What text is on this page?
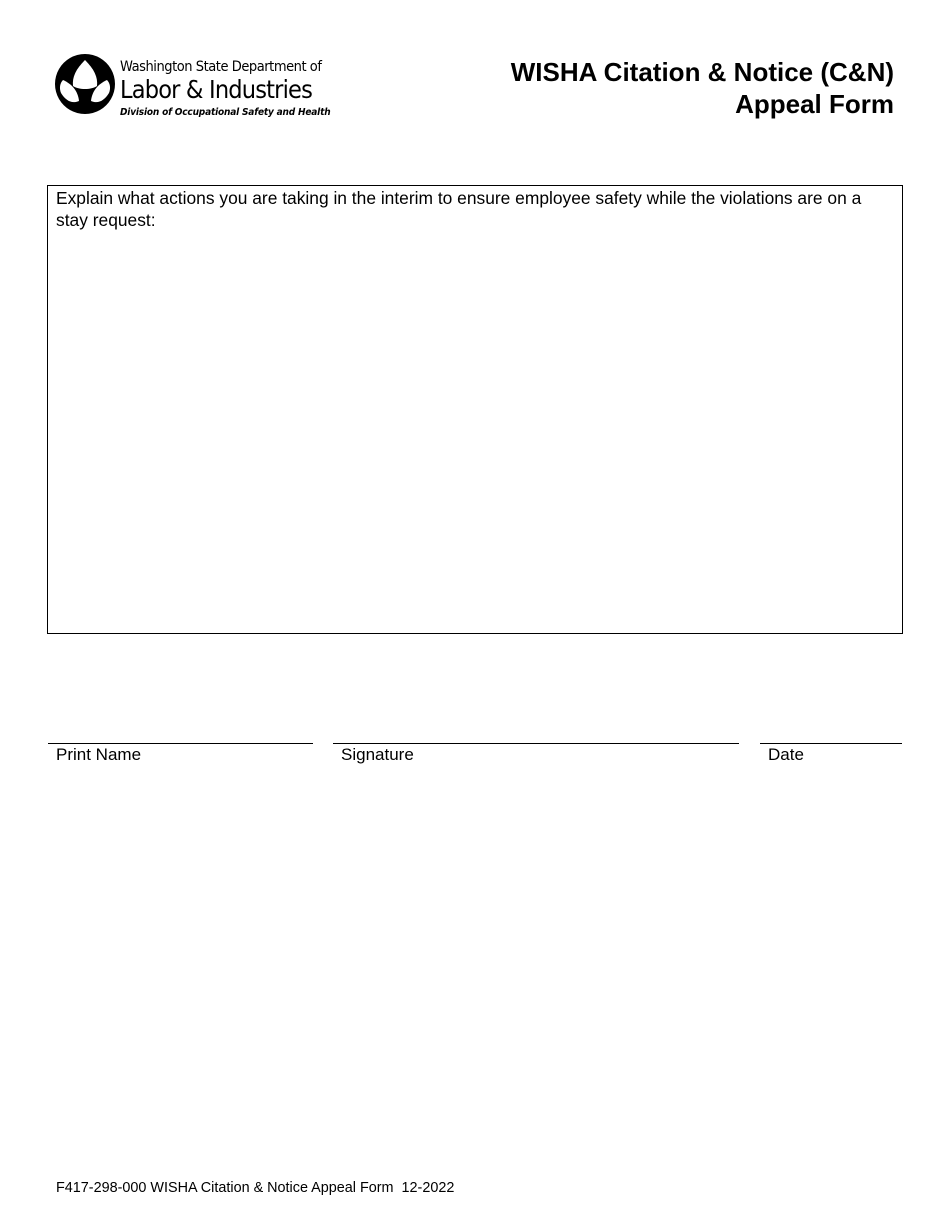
Washington State Department of
Labor & Industries
Division of Occupational Safety and Health
WISHA Citation & Notice (C&N)
Appeal Form
Explain what actions you are taking in the interim to ensure employee safety while the violations are on a stay request:
Print Name	Signature	Date
F417-298-000 WISHA Citation & Notice Appeal Form  12-2022
